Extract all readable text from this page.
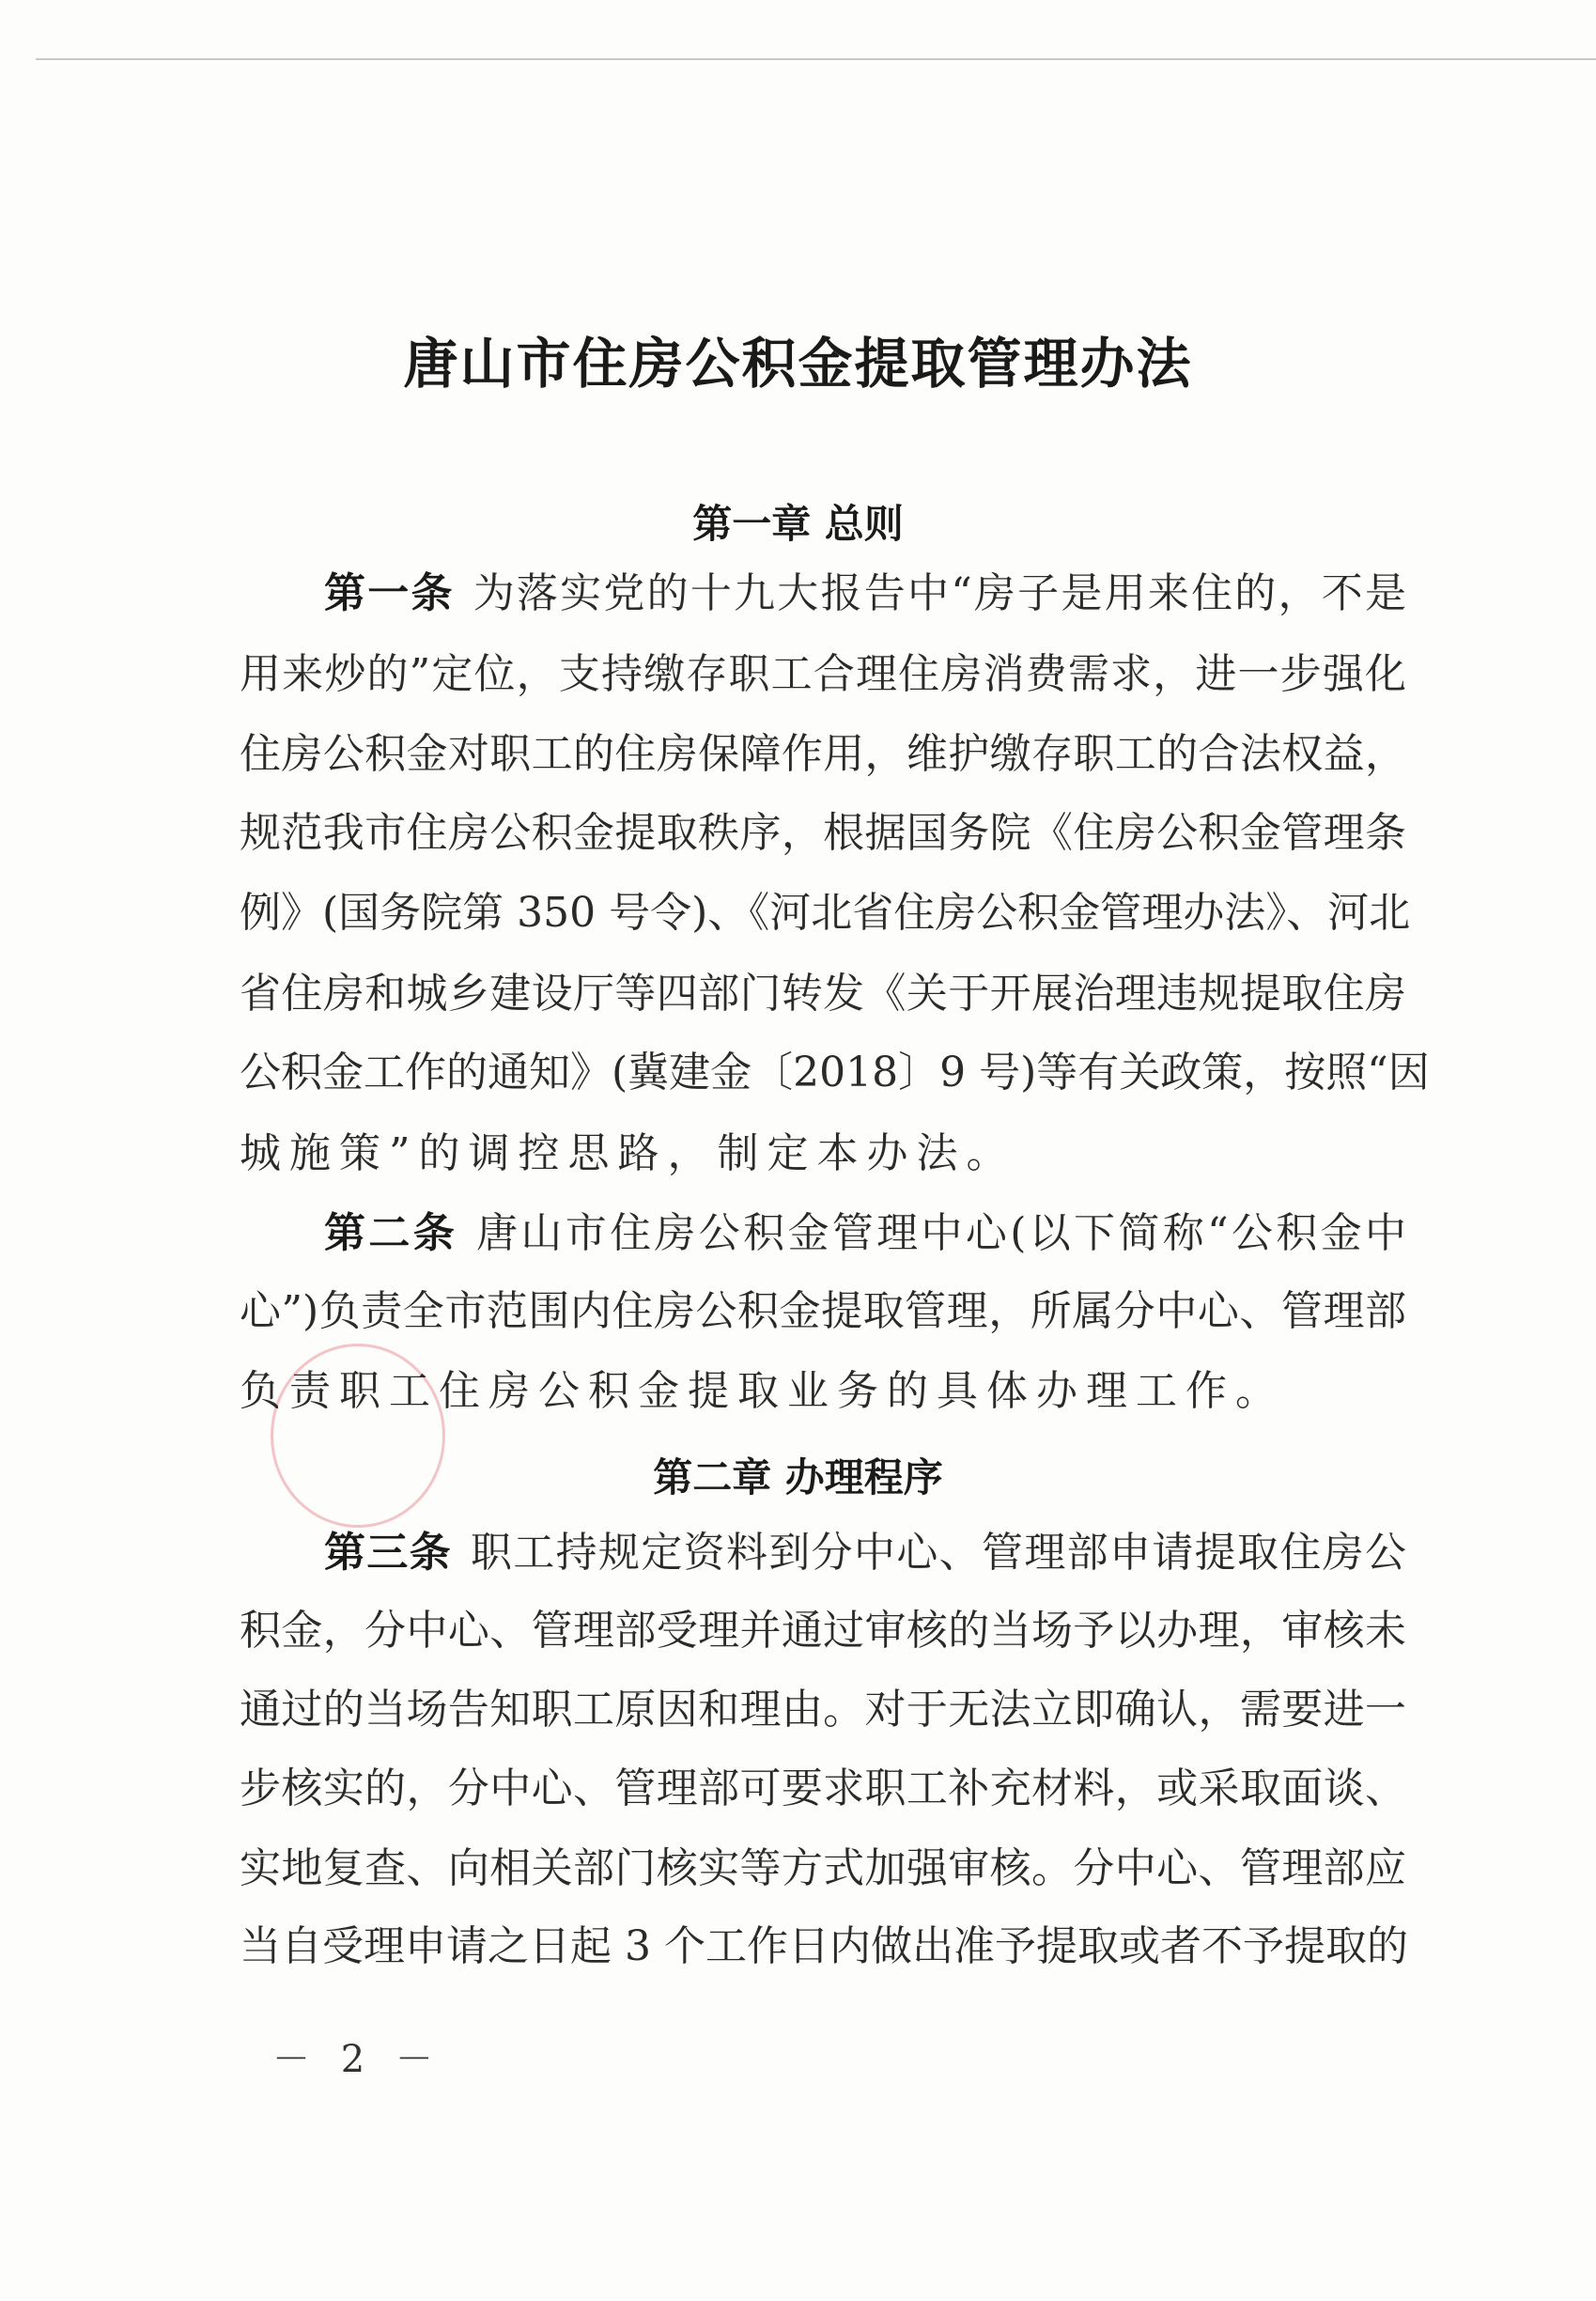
唐山市住房公积金提取管理办法
第一章 总则
第一条 为落实党的十九大报告中“房子是用来住的，不是
用来炒的”定位，支持缴存职工合理住房消费需求，进一步强化
住房公积金对职工的住房保障作用，维护缴存职工的合法权益，
规范我市住房公积金提取秩序，根据国务院《住房公积金管理条
例》(国务院第 350 号令)、《河北省住房公积金管理办法》、河北
省住房和城乡建设厅等四部门转发《关于开展治理违规提取住房
公积金工作的通知》(冀建金〔2018〕9 号)等有关政策，按照“因
城施策”的调控思路，制定本办法。
第二条 唐山市住房公积金管理中心(以下简称“公积金中
心”)负责全市范围内住房公积金提取管理，所属分中心、管理部
负责职工住房公积金提取业务的具体办理工作。
第二章 办理程序
第三条 职工持规定资料到分中心、管理部申请提取住房公
积金，分中心、管理部受理并通过审核的当场予以办理，审核未
通过的当场告知职工原因和理由。对于无法立即确认，需要进一
步核实的，分中心、管理部可要求职工补充材料，或采取面谈、
实地复查、向相关部门核实等方式加强审核。分中心、管理部应
当自受理申请之日起 3 个工作日内做出准予提取或者不予提取的
－ 2 －
